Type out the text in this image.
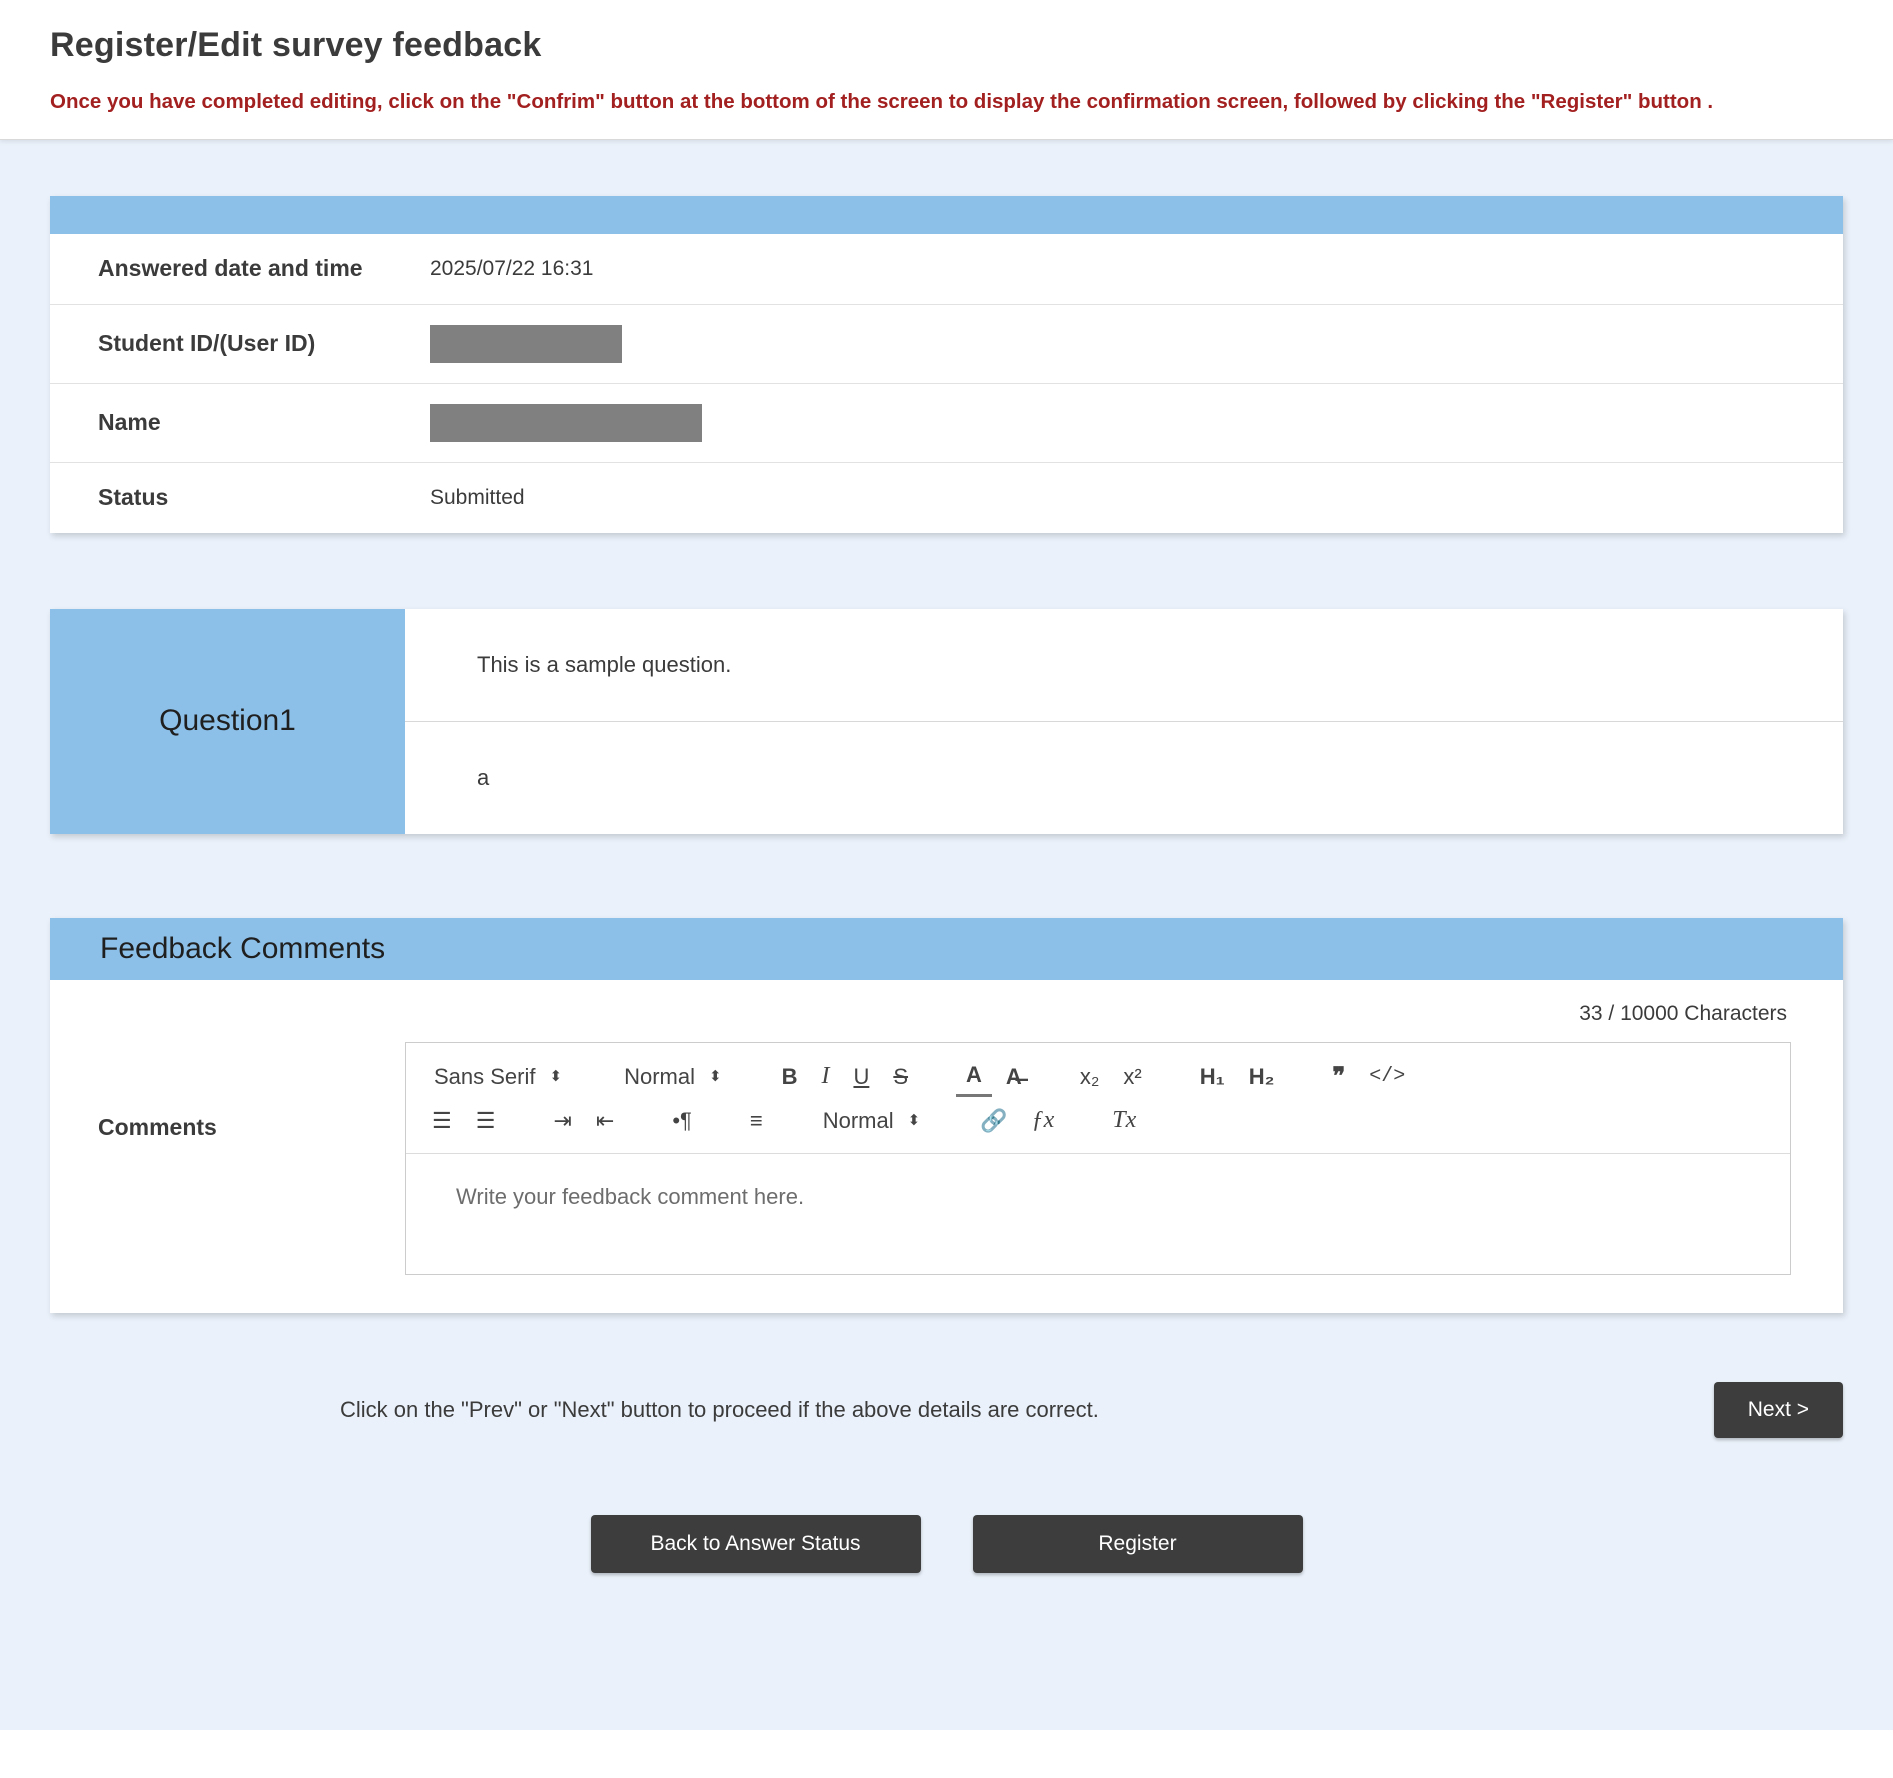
Register/Edit survey feedback

Once you have completed editing, click on the "Confrim" button at the bottom of the screen to display the confirmation screen, followed by clicking the "Register" button .

Answered date and time	2025/07/22 16:31
Student ID/(User ID)	
Name	
Status	Submitted
Question1
This is a sample question.
a
Feedback Comments
Comments
33 / 10000 Characters
Sans Serif ⬍	Normal ⬍	B	I	U	S	A	A̶	x₂	x²	H₁	H₂	❞	</>
☰	☰	⇥	⇤	•¶	≡	Normal ⬍	🔗	ƒx	Tx
Write your feedback comment here.
Click on the "Prev" or "Next" button to proceed if the above details are correct.	Next >
Back to Answer Status	Register
